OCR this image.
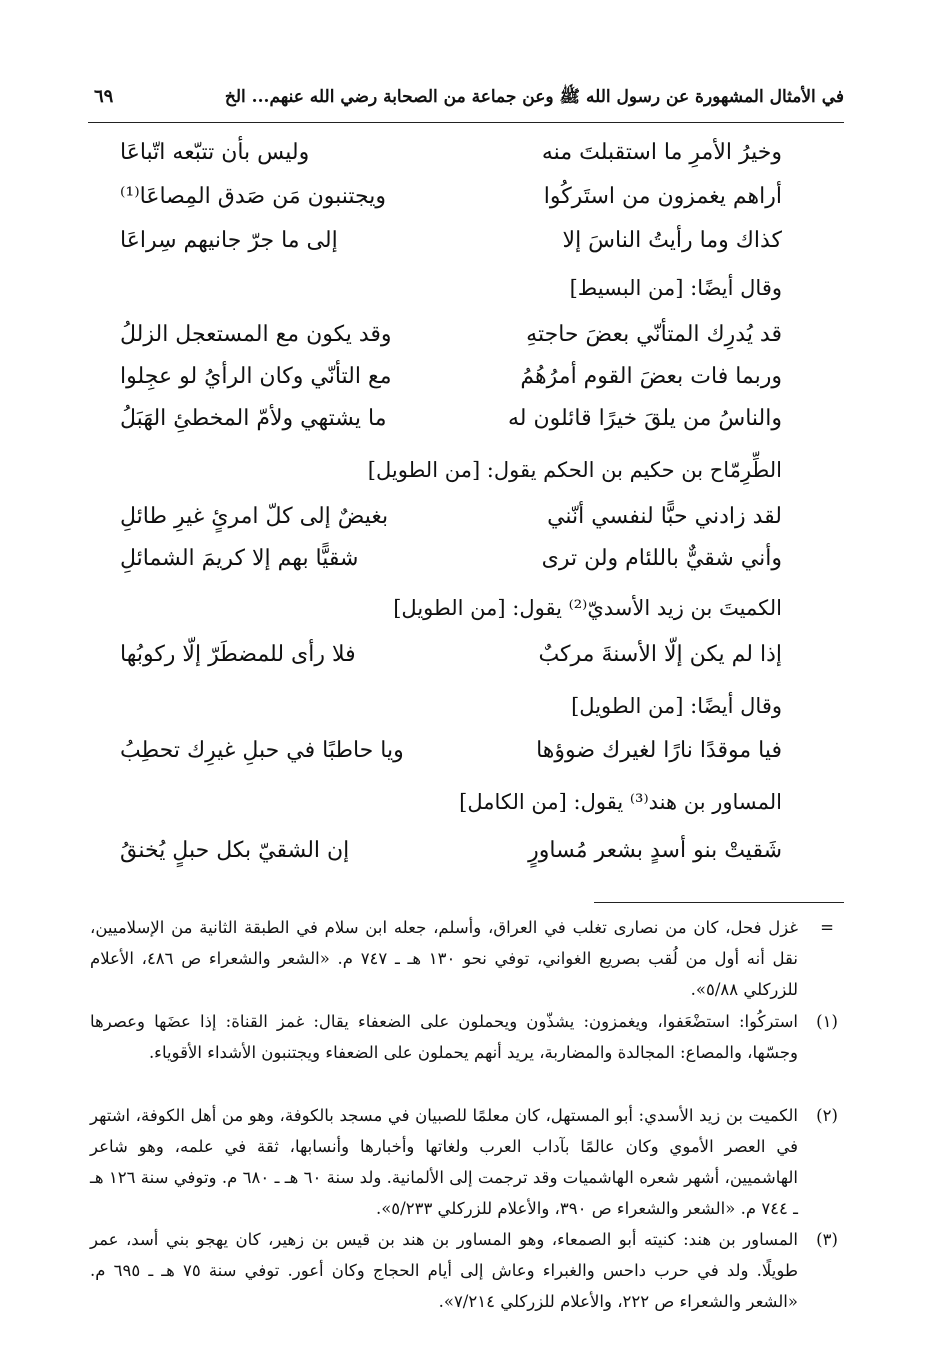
في الأمثال المشهورة عن رسول الله ﷺ وعن جماعة من الصحابة رضي الله عنهم... الخ
٦٩
وخيرُ الأمرِ ما استقبلتَ منه
وليس بأن تتبّعه اتّباعَا
أراهم يغمزون من استَركُوا
ويجتنبون مَن صَدق المِصاعَا⁽¹⁾
كذاك وما رأيتُ الناسَ إلا
إلى ما جرّ جانيهم سِراعَا
وقال أيضًا: [من البسيط]
قد يُدرِك المتأنّي بعضَ حاجتهِ
وقد يكون مع المستعجل الزللُ
وربما فات بعضَ القوم أمرُهُمُ
مع التأنّي وكان الرأيُ لو عجِلوا
والناسُ من يلقَ خيرًا قائلون له
ما يشتهي ولأمّ المخطئِ الهَبَلُ
الطِّرِمّاح بن حكيم بن الحكم يقول: [من الطويل]
لقد زادني حبًّا لنفسي أنّني
بغيضٌ إلى كلّ امرئٍ غيرِ طائلِ
وأني شقيٌّ باللئام ولن ترى
شقيًّا بهم إلا كريمَ الشمائلِ
الكميتَ بن زيد الأسديّ⁽²⁾ يقول: [من الطويل]
إذا لم يكن إلّا الأسنةَ مركبٌ
فلا رأى للمضطَرّ إلّا ركوبُها
وقال أيضًا: [من الطويل]
فيا موقدًا نارًا لغيرك ضوؤها
ويا حاطبًا في حبلِ غيرِك تحطِبُ
المساور بن هند⁽³⁾ يقول: [من الكامل]
شَقيتْ بنو أسدٍ بشعر مُساورٍ
إن الشقيّ بكل حبلٍ يُخنقُ
=
غزل فحل، كان من نصارى تغلب في العراق، وأسلم، جعله ابن سلام في الطبقة الثانية من الإسلاميين، نقل أنه أول من لُقب بصريع الغواني، توفي نحو ١٣٠ هـ ـ ٧٤٧ م. «الشعر والشعراء ص ٤٨٦، الأعلام للزركلي ٥/٨٨».
(١)
استركُوا: استضْعَفوا، ويغمزون: يشذّون ويحملون على الضعفاء يقال: غمز القناة: إذا عضَها وعصرها وجسّها، والمصاع: المجالدة والمضاربة، يريد أنهم يحملون على الضعفاء ويجتنبون الأشداء الأقوياء.
(٢)
الكميت بن زيد الأسدي: أبو المستهل، كان معلمًا للصبيان في مسجد بالكوفة، وهو من أهل الكوفة، اشتهر في العصر الأموي وكان عالمًا بآداب العرب ولغاتها وأخبارها وأنسابها، ثقة في علمه، وهو شاعر الهاشميين، أشهر شعره الهاشميات وقد ترجمت إلى الألمانية. ولد سنة ٦٠ هـ ـ ٦٨٠ م. وتوفي سنة ١٢٦ هـ ـ ٧٤٤ م. «الشعر والشعراء ص ٣٩٠، والأعلام للزركلي ٥/٢٣٣».
(٣)
المساور بن هند: كنيته أبو الصمعاء، وهو المساور بن هند بن قيس بن زهير، كان يهجو بني أسد، عمر طويلًا. ولد في حرب داحس والغبراء وعاش إلى أيام الحجاج وكان أعور. توفي سنة ٧٥ هـ ـ ٦٩٥ م. «الشعر والشعراء ص ٢٢٢، والأعلام للزركلي ٧/٢١٤».
